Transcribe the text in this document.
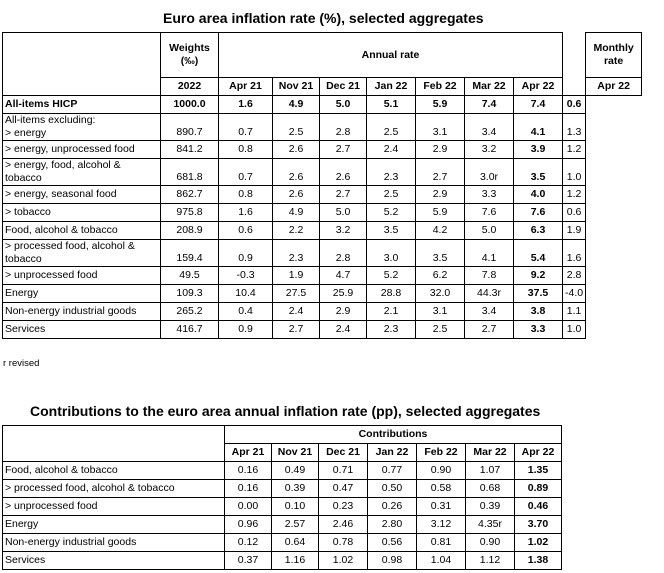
Euro area inflation rate (%), selected aggregates

	Weights
(‰)	Annual rate								Monthly rate
	2022	Apr 21	Nov 21	Dec 21	Jan 22	Feb 22	Mar 22	Apr 22		Apr 22
All-items HICP	1000.0	1.6	4.9	5.0	5.1	5.9	7.4	7.4	0.6	

All-items excluding:
> energy	890.7	0.7	2.5	2.8	2.5	3.1	3.4	4.1	1.3	
> energy, unprocessed food	841.2	0.8	2.6	2.7	2.4	2.9	3.2	3.9	1.2	
> energy, food, alcohol & tobacco	681.8	0.7	2.6	2.6	2.3	2.7	3.0r	3.5	1.0	
> energy, seasonal food	862.7	0.8	2.6	2.7	2.5	2.9	3.3	4.0	1.2	
> tobacco	975.8	1.6	4.9	5.0	5.2	5.9	7.6	7.6	0.6	
Food, alcohol & tobacco	208.9	0.6	2.2	3.2	3.5	4.2	5.0	6.3	1.9	
> processed food, alcohol & tobacco	159.4	0.9	2.3	2.8	3.0	3.5	4.1	5.4	1.6	
> unprocessed food	49.5	-0.3	1.9	4.7	5.2	6.2	7.8	9.2	2.8	
Energy	109.3	10.4	27.5	25.9	28.8	32.0	44.3r	37.5	-4.0	
Non-energy industrial goods	265.2	0.4	2.4	2.9	2.1	3.1	3.4	3.8	1.1	
Services	416.7	0.9	2.7	2.4	2.3	2.5	2.7	3.3	1.0	
r revised
Contributions to the euro area annual inflation rate (pp), selected aggregates
	Contributions						
	Apr 21	Nov 21	Dec 21	Jan 22	Feb 22	Mar 22	Apr 22
Food, alcohol & tobacco	0.16	0.49	0.71	0.77	0.90	1.07	1.35
> processed food, alcohol & tobacco	0.16	0.39	0.47	0.50	0.58	0.68	0.89
> unprocessed food	0.00	0.10	0.23	0.26	0.31	0.39	0.46
Energy	0.96	2.57	2.46	2.80	3.12	4.35r	3.70
Non-energy industrial goods	0.12	0.64	0.78	0.56	0.81	0.90	1.02
Services	0.37	1.16	1.02	0.98	1.04	1.12	1.38
